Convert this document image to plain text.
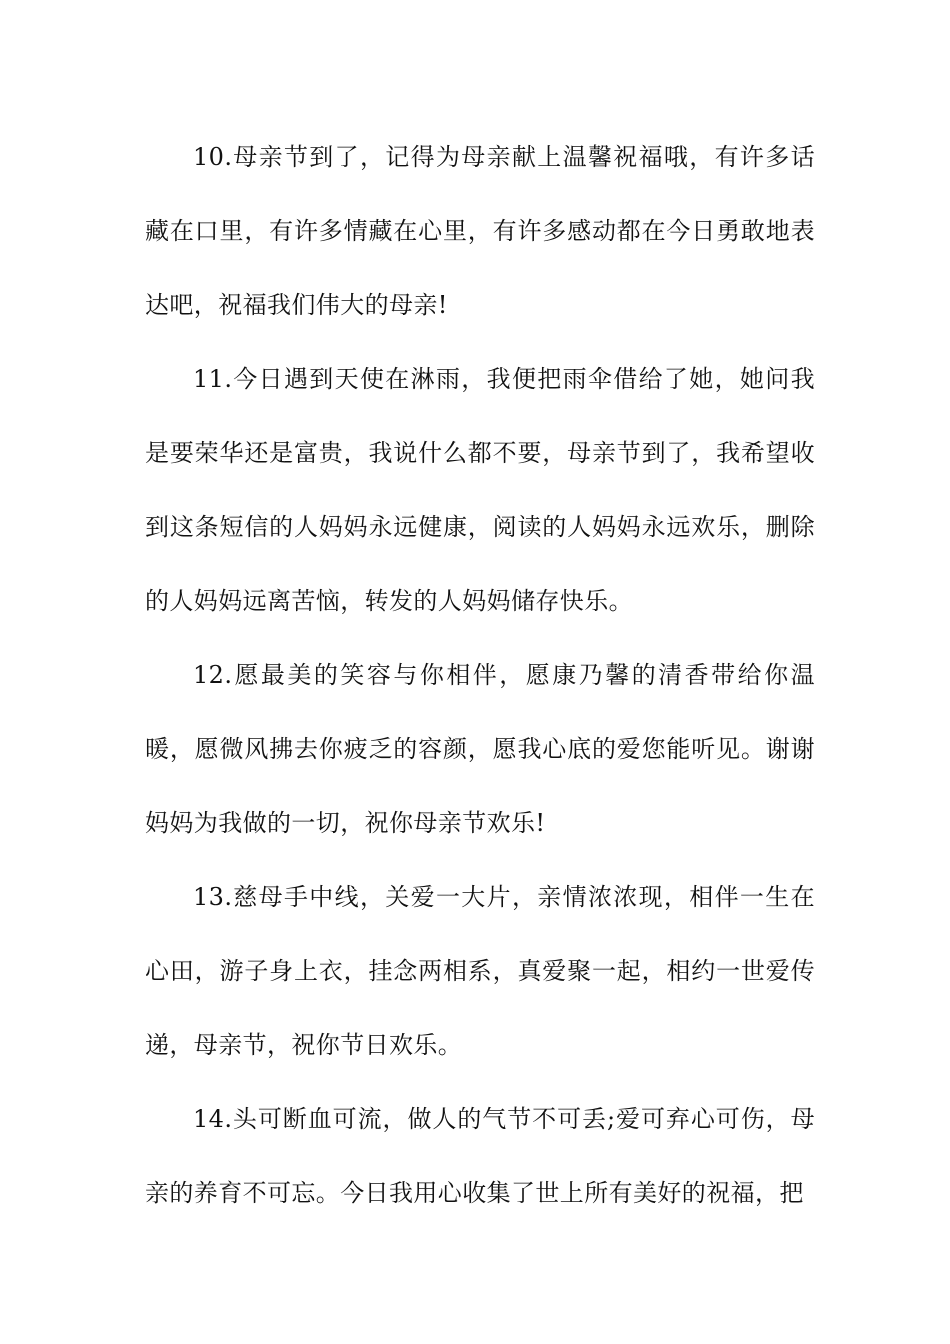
10.母亲节到了，记得为母亲献上温馨祝福哦，有许多话藏在口里，有许多情藏在心里，有许多感动都在今日勇敢地表达吧，祝福我们伟大的母亲!

11.今日遇到天使在淋雨，我便把雨伞借给了她，她问我是要荣华还是富贵，我说什么都不要，母亲节到了，我希望收到这条短信的人妈妈永远健康，阅读的人妈妈永远欢乐，删除的人妈妈远离苦恼，转发的人妈妈储存快乐。

12.愿最美的笑容与你相伴，愿康乃馨的清香带给你温暖，愿微风拂去你疲乏的容颜，愿我心底的爱您能听见。谢谢妈妈为我做的一切，祝你母亲节欢乐!

13.慈母手中线，关爱一大片，亲情浓浓现，相伴一生在心田，游子身上衣，挂念两相系，真爱聚一起，相约一世爱传递，母亲节，祝你节日欢乐。

14.头可断血可流，做人的气节不可丢;爱可弃心可伤，母亲的养育不可忘。今日我用心收集了世上所有美好的祝福，把
